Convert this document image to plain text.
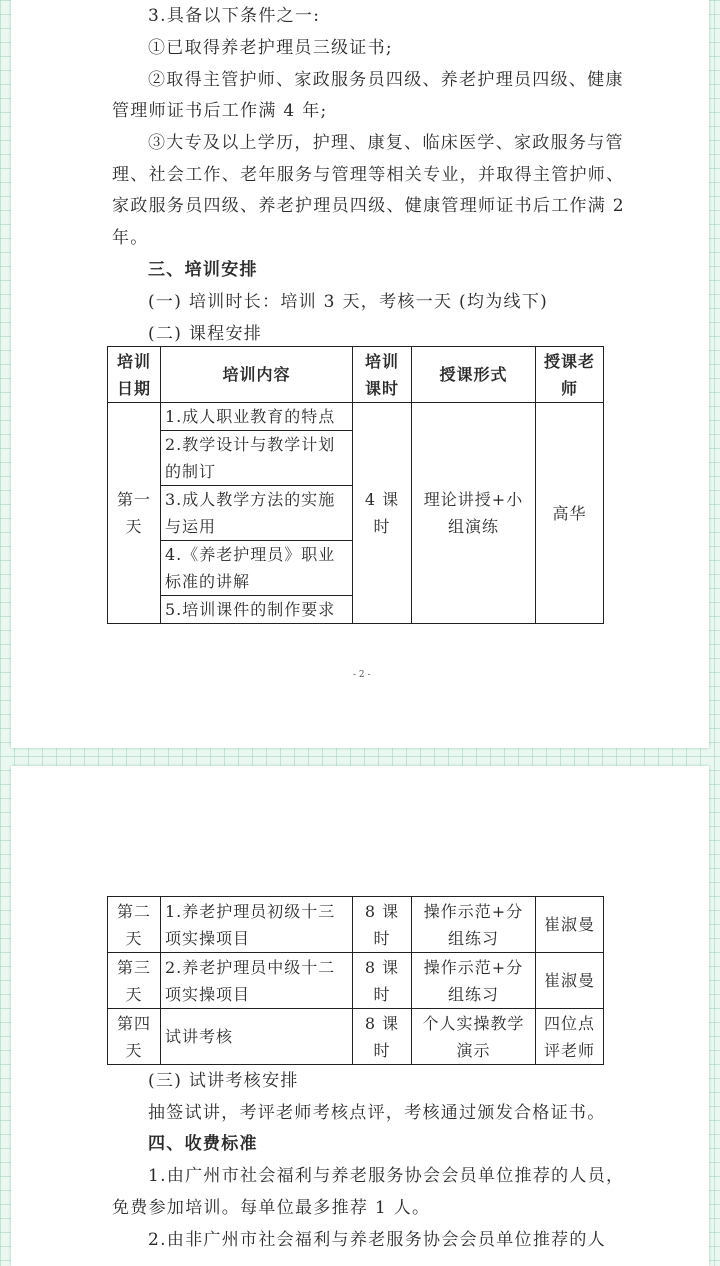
3.具备以下条件之一:
①已取得养老护理员三级证书;
②取得主管护师、家政服务员四级、养老护理员四级、健康
管理师证书后工作满 4 年;
③大专及以上学历，护理、康复、临床医学、家政服务与管
理、社会工作、老年服务与管理等相关专业，并取得主管护师、
家政服务员四级、养老护理员四级、健康管理师证书后工作满 2
年。
三、培训安排
(一) 培训时长：培训 3 天，考核一天 (均为线下)
(二) 课程安排
培训日期	培训内容	培训课时	授课形式	授课老师
第一天	1.成人职业教育的特点	4 课时	理论讲授+小组演练	高华
	2.教学设计与教学计划的制订			
	3.成人教学方法的实施与运用			
	4.《养老护理员》职业标准的讲解			
	5.培训课件的制作要求			
- 2 -
第二天	1.养老护理员初级十三项实操项目	8 课时	操作示范+分组练习	崔淑曼
第三天	2.养老护理员中级十二项实操项目	8 课时	操作示范+分组练习	崔淑曼
第四天	试讲考核	8 课时	个人实操教学演示	四位点评老师
(三) 试讲考核安排
抽签试讲，考评老师考核点评，考核通过颁发合格证书。
四、收费标准
1.由广州市社会福利与养老服务协会会员单位推荐的人员，
免费参加培训。每单位最多推荐 1 人。
2.由非广州市社会福利与养老服务协会会员单位推荐的人
